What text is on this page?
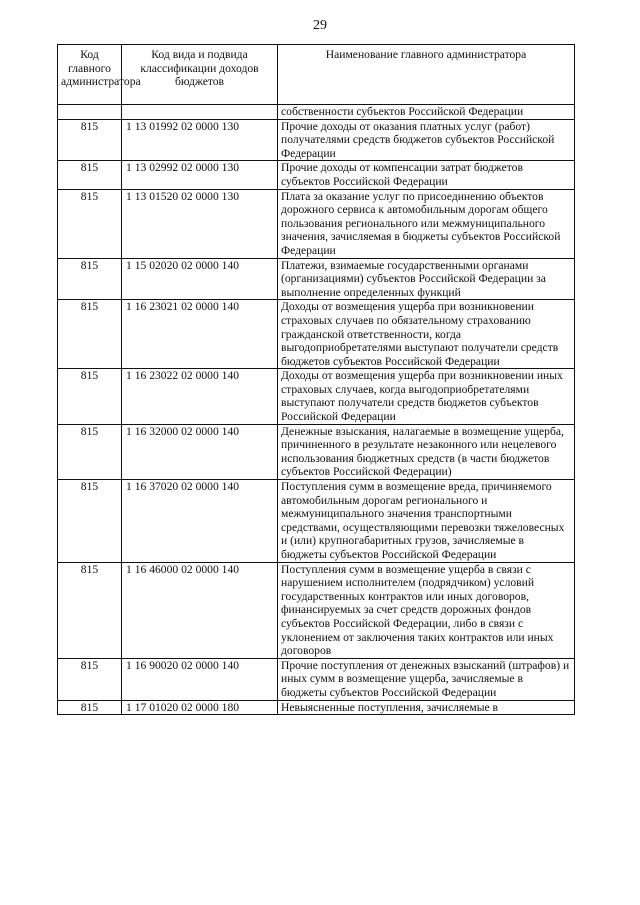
29
Код главного администратора	Код вида и подвида классификации доходов бюджетов	Наименование главного администратора
		собственности субъектов Российской Федерации
815	1 13 01992 02 0000 130	Прочие доходы от оказания платных услуг (работ) получателями средств бюджетов субъектов Российской Федерации
815	1 13 02992 02 0000 130	Прочие доходы от компенсации затрат бюджетов субъектов Российской Федерации
815	1 13 01520 02 0000 130	Плата за оказание услуг по присоединению объектов дорожного сервиса к автомобильным дорогам общего пользования регионального или межмуниципального значения, зачисляемая в бюджеты субъектов Российской Федерации
815	1 15 02020 02 0000 140	Платежи, взимаемые государственными органами (организациями) субъектов Российской Федерации за выполнение определенных функций
815	1 16 23021 02 0000 140	Доходы от возмещения ущерба при возникновении страховых случаев по обязательному страхованию гражданской ответственности, когда выгодоприобретателями выступают получатели средств бюджетов субъектов Российской Федерации
815	1 16 23022 02 0000 140	Доходы от возмещения ущерба при возникновении иных страховых случаев, когда выгодоприобретателями выступают получатели средств бюджетов субъектов Российской Федерации
815	1 16 32000 02 0000 140	Денежные взыскания, налагаемые в возмещение ущерба, причиненного в результате незаконного или нецелевого использования бюджетных средств (в части бюджетов субъектов Российской Федерации)
815	1 16 37020 02 0000 140	Поступления сумм в возмещение вреда, причиняемого автомобильным дорогам регионального и межмуниципального значения транспортными средствами, осуществляющими перевозки тяжеловесных и (или) крупногабаритных грузов, зачисляемые в бюджеты субъектов Российской Федерации
815	1 16 46000 02 0000 140	Поступления сумм в возмещение ущерба в связи с нарушением исполнителем (подрядчиком) условий государственных контрактов или иных договоров, финансируемых за счет средств дорожных фондов субъектов Российской Федерации, либо в связи с уклонением от заключения таких контрактов или иных договоров
815	1 16 90020 02 0000 140	Прочие поступления от денежных взысканий (штрафов) и иных сумм в возмещение ущерба, зачисляемые в бюджеты субъектов Российской Федерации
815	1 17 01020 02 0000 180	Невыясненные поступления, зачисляемые в
